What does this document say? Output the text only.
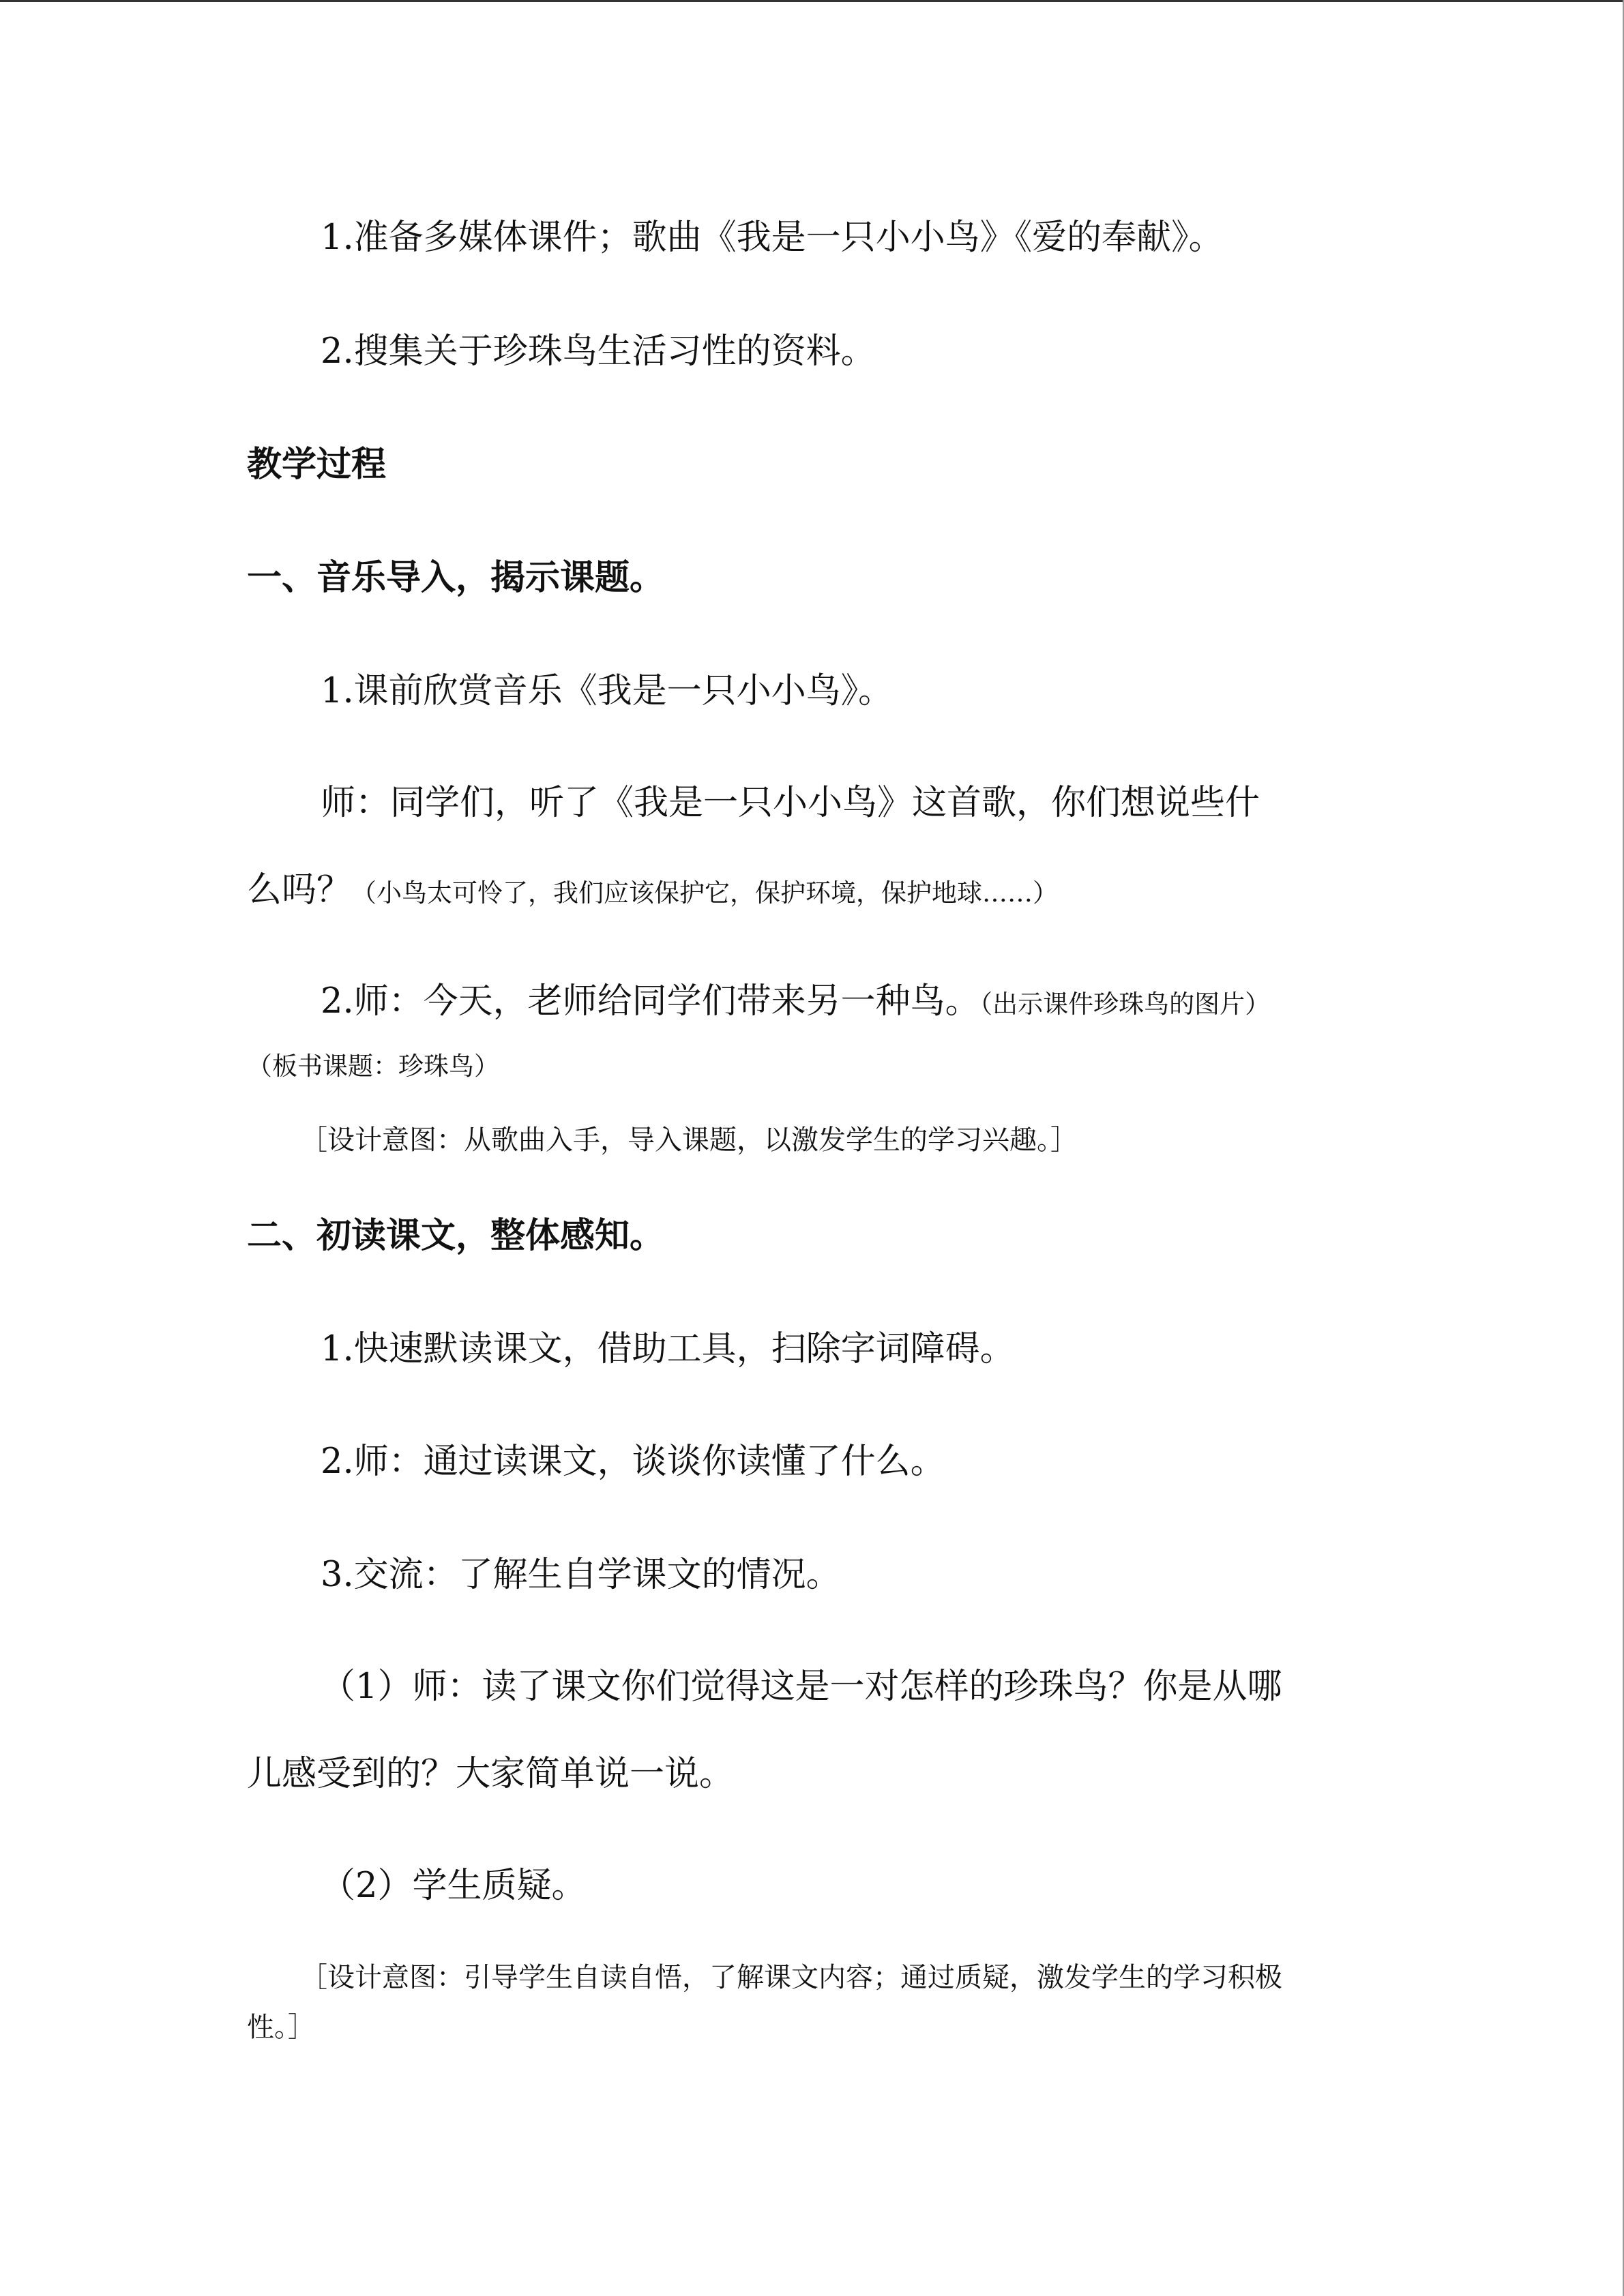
1.准备多媒体课件；歌曲《我是一只小小鸟》《爱的奉献》。
2.搜集关于珍珠鸟生活习性的资料。
教学过程
一、音乐导入，揭示课题。
1.课前欣赏音乐《我是一只小小鸟》。
师：同学们，听了《我是一只小小鸟》这首歌，你们想说些什
么吗？（小鸟太可怜了，我们应该保护它，保护环境，保护地球……）
2.师：今天，老师给同学们带来另一种鸟。（出示课件珍珠鸟的图片）
（板书课题：珍珠鸟）
［设计意图：从歌曲入手，导入课题，以激发学生的学习兴趣。］
二、初读课文，整体感知。
1.快速默读课文，借助工具，扫除字词障碍。
2.师：通过读课文，谈谈你读懂了什么。
3.交流：了解生自学课文的情况。
（1）师：读了课文你们觉得这是一对怎样的珍珠鸟？你是从哪
儿感受到的？大家简单说一说。
（2）学生质疑。
［设计意图：引导学生自读自悟，了解课文内容；通过质疑，激发学生的学习积极
性。］
